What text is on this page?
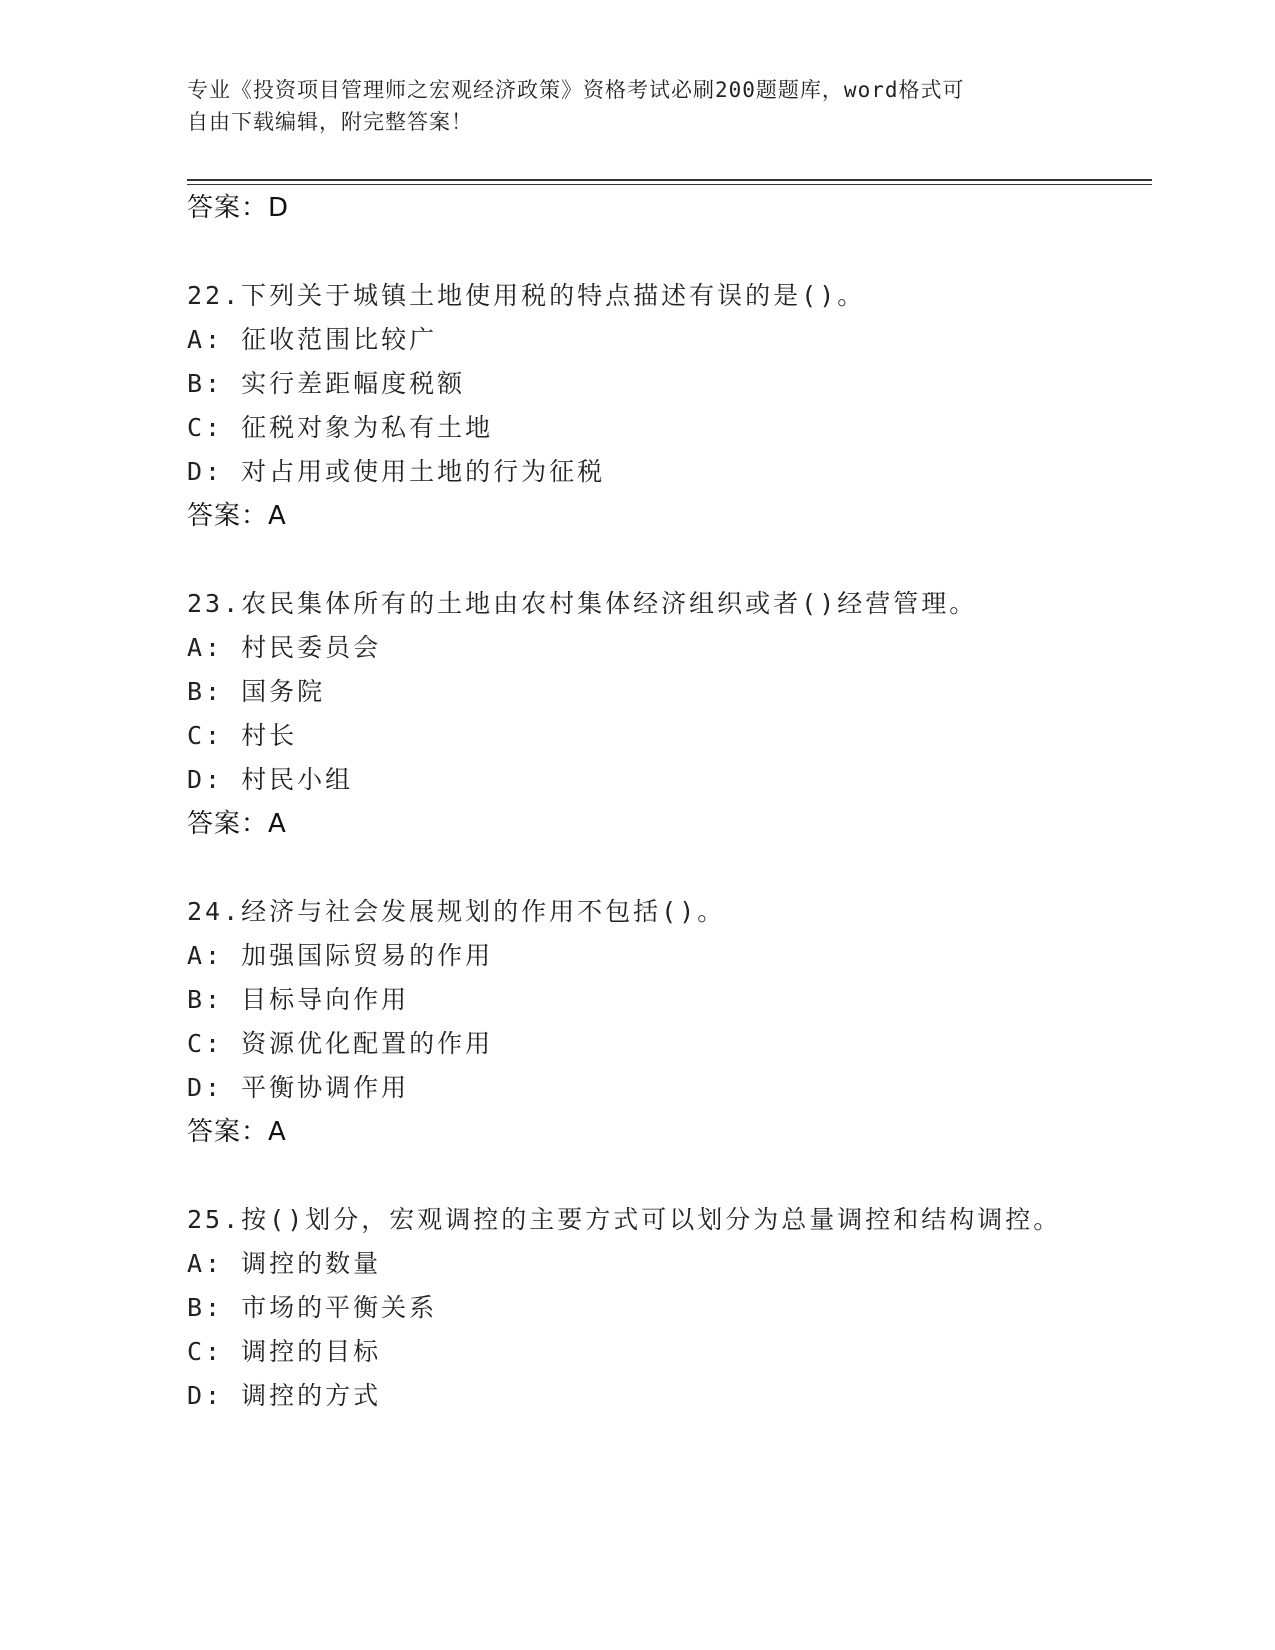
专业《投资项目管理师之宏观经济政策》资格考试必刷200题题库，word格式可
自由下载编辑，附完整答案！
答案：D
22.下列关于城镇土地使用税的特点描述有误的是()。
A: 征收范围比较广
B: 实行差距幅度税额
C: 征税对象为私有土地
D: 对占用或使用土地的行为征税
答案：A
23.农民集体所有的土地由农村集体经济组织或者()经营管理。
A: 村民委员会
B: 国务院
C: 村长
D: 村民小组
答案：A
24.经济与社会发展规划的作用不包括()。
A: 加强国际贸易的作用
B: 目标导向作用
C: 资源优化配置的作用
D: 平衡协调作用
答案：A
25.按()划分，宏观调控的主要方式可以划分为总量调控和结构调控。
A: 调控的数量
B: 市场的平衡关系
C: 调控的目标
D: 调控的方式
